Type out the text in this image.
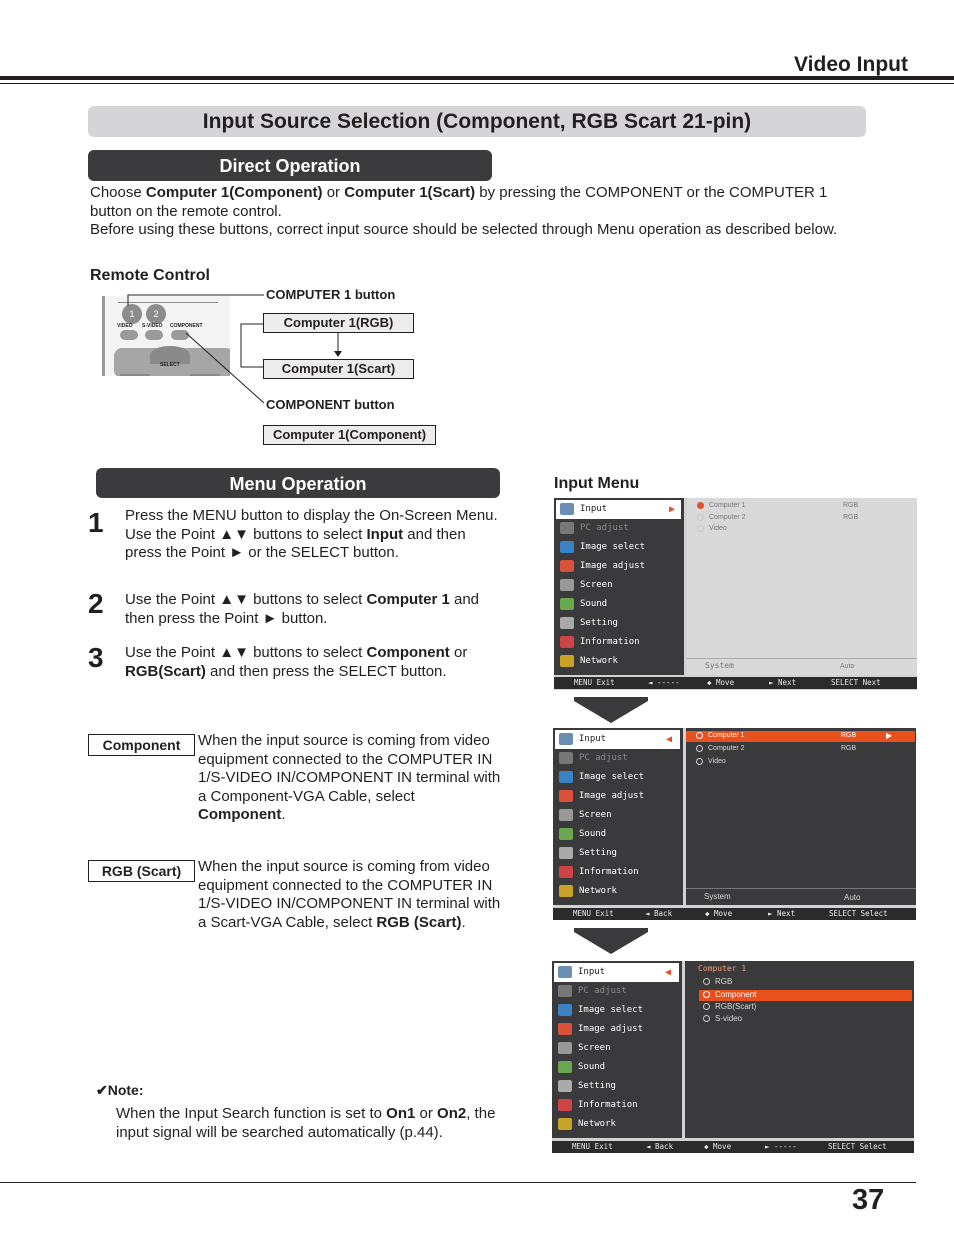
Video Input
Input Source Selection (Component, RGB Scart 21-pin)
Direct Operation
Choose Computer 1(Component) or Computer 1(Scart) by pressing the COMPONENT or the COMPUTER 1 button on the remote control.
Before using these buttons, correct input source should be selected through Menu operation as described below.
Remote Control
1	2
VIDEO S-VIDEO COMPONENT
SELECT
COMPUTER 1 button
Computer 1(RGB)
Computer 1(Scart)
COMPONENT button
Computer 1(Component)
Menu Operation
1 Press the MENU button to display the On-Screen Menu. Use the Point ▲▼ buttons to select Input and then press the Point ► or the SELECT button.
2 Use the Point ▲▼ buttons to select Computer 1 and then press the Point ► button.
3 Use the Point ▲▼ buttons to select Component or RGB(Scart) and then press the SELECT button.
Component	When the input source is coming from video equipment connected to the COMPUTER IN 1/S-VIDEO IN/COMPONENT IN terminal with a Component-VGA Cable, select Component.
RGB (Scart)	When the input source is coming from video equipment connected to the COMPUTER IN 1/S-VIDEO IN/COMPONENT IN terminal with a Scart-VGA Cable, select RGB (Scart).
✔Note:
When the Input Search function is set to On1 or On2, the input signal will be searched automatically (p.44).
Input Menu
Input	▶
PC adjust
Image select
Image adjust
Screen
Sound
Setting
Information
Network
Computer 1	RGB
Computer 2	RGB
Video
System	Auto
MENU Exit	◄ -----	◆ Move	► Next	SELECT Next
Input	◀
PC adjust
Image select
Image adjust
Screen
Sound
Setting
Information
Network
Computer 1	RGB	▶
Computer 2	RGB
Video
System	Auto
MENU Exit	◄ Back	◆ Move	► Next	SELECT Select
Input	◀
PC adjust
Image select
Image adjust
Screen
Sound
Setting
Information
Network
Computer 1
RGB
Component
RGB(Scart)
S-video
MENU Exit	◄ Back	◆ Move	► -----	SELECT Select
37
